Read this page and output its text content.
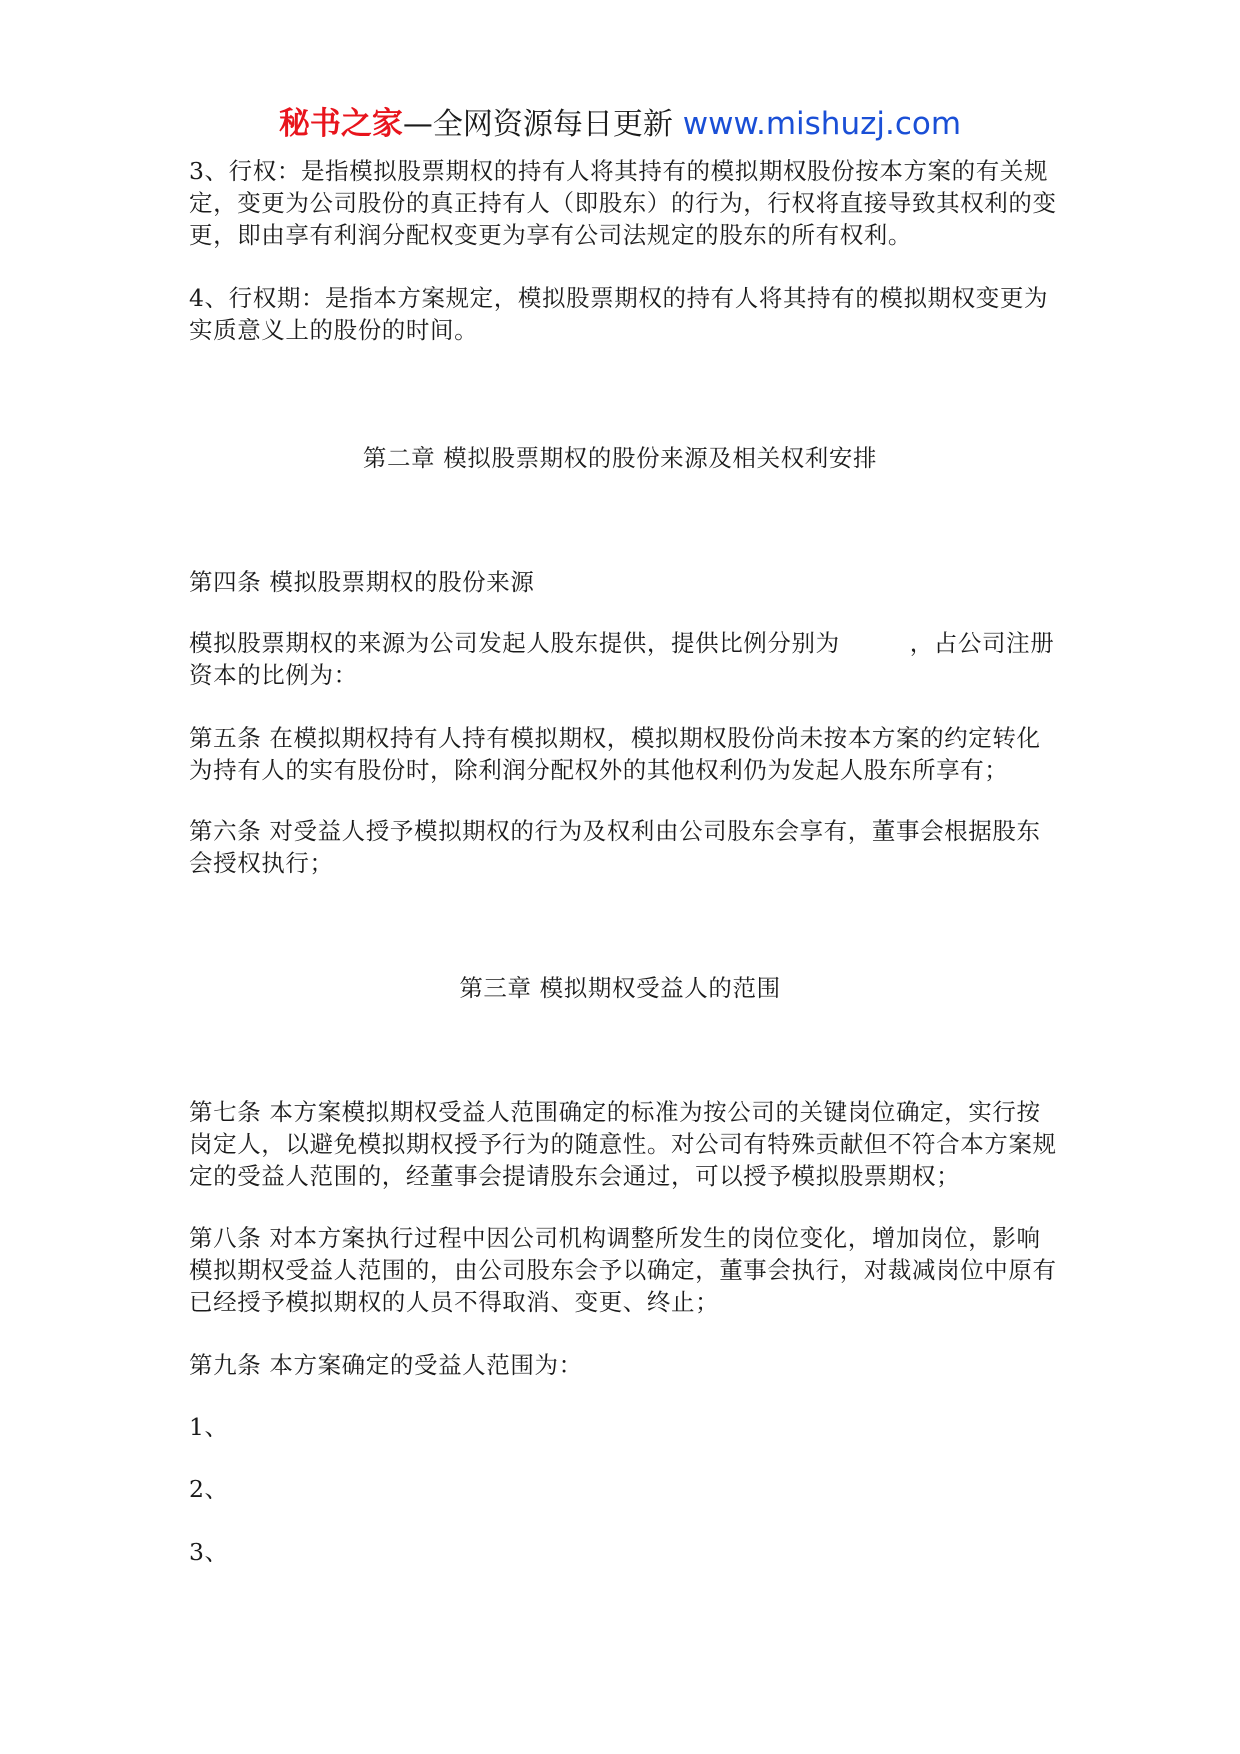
秘书之家—全网资源每日更新 www.mishuzj.com

3、行权：是指模拟股票期权的持有人将其持有的模拟期权股份按本方案的有关规定，变更为公司股份的真正持有人（即股东）的行为，行权将直接导致其权利的变更，即由享有利润分配权变更为享有公司法规定的股东的所有权利。

4、行权期：是指本方案规定，模拟股票期权的持有人将其持有的模拟期权变更为实质意义上的股份的时间。

第二章 模拟股票期权的股份来源及相关权利安排

第四条 模拟股票期权的股份来源

模拟股票期权的来源为公司发起人股东提供，提供比例分别为	，占公司注册资本的比例为：

第五条 在模拟期权持有人持有模拟期权，模拟期权股份尚未按本方案的约定转化为持有人的实有股份时，除利润分配权外的其他权利仍为发起人股东所享有；

第六条 对受益人授予模拟期权的行为及权利由公司股东会享有，董事会根据股东会授权执行；

第三章 模拟期权受益人的范围

第七条 本方案模拟期权受益人范围确定的标准为按公司的关键岗位确定，实行按岗定人，以避免模拟期权授予行为的随意性。对公司有特殊贡献但不符合本方案规定的受益人范围的，经董事会提请股东会通过，可以授予模拟股票期权；

第八条 对本方案执行过程中因公司机构调整所发生的岗位变化，增加岗位，影响模拟期权受益人范围的，由公司股东会予以确定，董事会执行，对裁减岗位中原有已经授予模拟期权的人员不得取消、变更、终止；

第九条 本方案确定的受益人范围为：

1、

2、

3、
